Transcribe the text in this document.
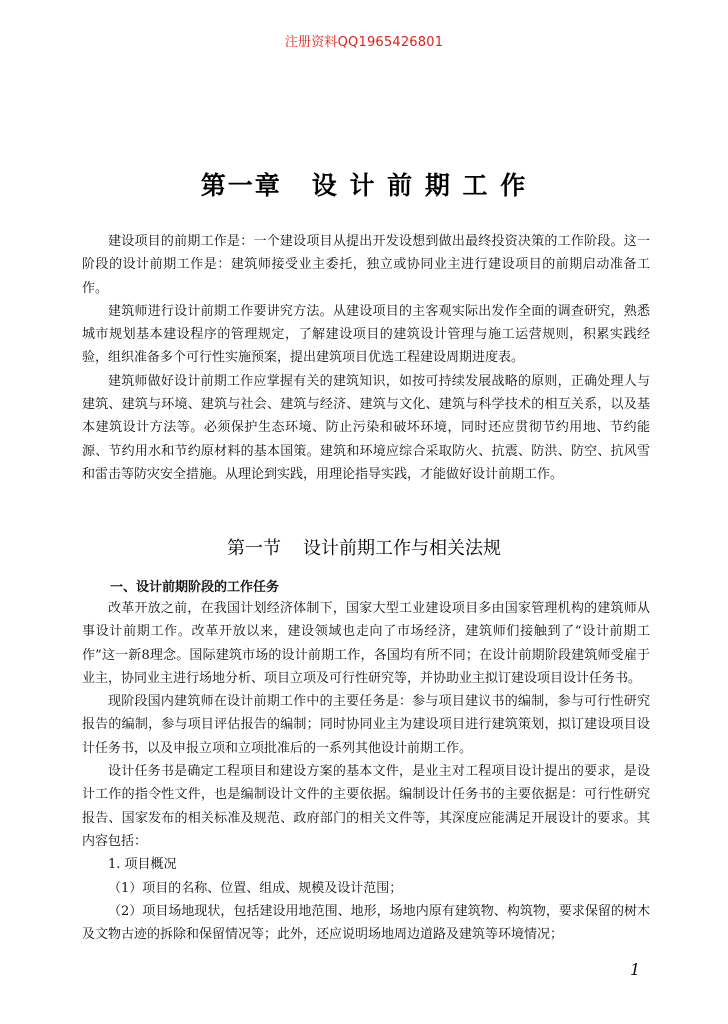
注册资料QQ1965426801
第一章 设 计 前 期 工 作

建设项目的前期工作是：一个建设项目从提出开发设想到做出最终投资决策的工作阶段。这一阶段的设计前期工作是：建筑师接受业主委托，独立或协同业主进行建设项目的前期启动准备工作。

建筑师进行设计前期工作要讲究方法。从建设项目的主客观实际出发作全面的调查研究，熟悉城市规划基本建设程序的管理规定，了解建设项目的建筑设计管理与施工运营规则，积累实践经验，组织准备多个可行性实施预案，提出建筑项目优选工程建设周期进度表。

建筑师做好设计前期工作应掌握有关的建筑知识，如按可持续发展战略的原则，正确处理人与建筑、建筑与环境、建筑与社会、建筑与经济、建筑与文化、建筑与科学技术的相互关系，以及基本建筑设计方法等。必须保护生态环境、防止污染和破坏环境，同时还应贯彻节约用地、节约能源、节约用水和节约原材料的基本国策。建筑和环境应综合采取防火、抗震、防洪、防空、抗风雪和雷击等防灾安全措施。从理论到实践，用理论指导实践，才能做好设计前期工作。

第一节 设计前期工作与相关法规
一、设计前期阶段的工作任务

改革开放之前，在我国计划经济体制下，国家大型工业建设项目多由国家管理机构的建筑师从事设计前期工作。改革开放以来，建设领域也走向了市场经济，建筑师们接触到了“设计前期工作”这一新8理念。国际建筑市场的设计前期工作，各国均有所不同；在设计前期阶段建筑师受雇于业主，协同业主进行场地分析、项目立项及可行性研究等，并协助业主拟订建设项目设计任务书。

现阶段国内建筑师在设计前期工作中的主要任务是：参与项目建议书的编制，参与可行性研究报告的编制，参与项目评估报告的编制；同时协同业主为建设项目进行建筑策划，拟订建设项目设计任务书，以及申报立项和立项批准后的一系列其他设计前期工作。

设计任务书是确定工程项目和建设方案的基本文件，是业主对工程项目设计提出的要求，是设计工作的指令性文件，也是编制设计文件的主要依据。编制设计任务书的主要依据是：可行性研究报告、国家发布的相关标准及规范、政府部门的相关文件等，其深度应能满足开展设计的要求。其内容包括：

1. 项目概况

（1）项目的名称、位置、组成、规模及设计范围；

（2）项目场地现状，包括建设用地范围、地形，场地内原有建筑物、构筑物，要求保留的树木及文物古迹的拆除和保留情况等；此外，还应说明场地周边道路及建筑等环境情况；

1
